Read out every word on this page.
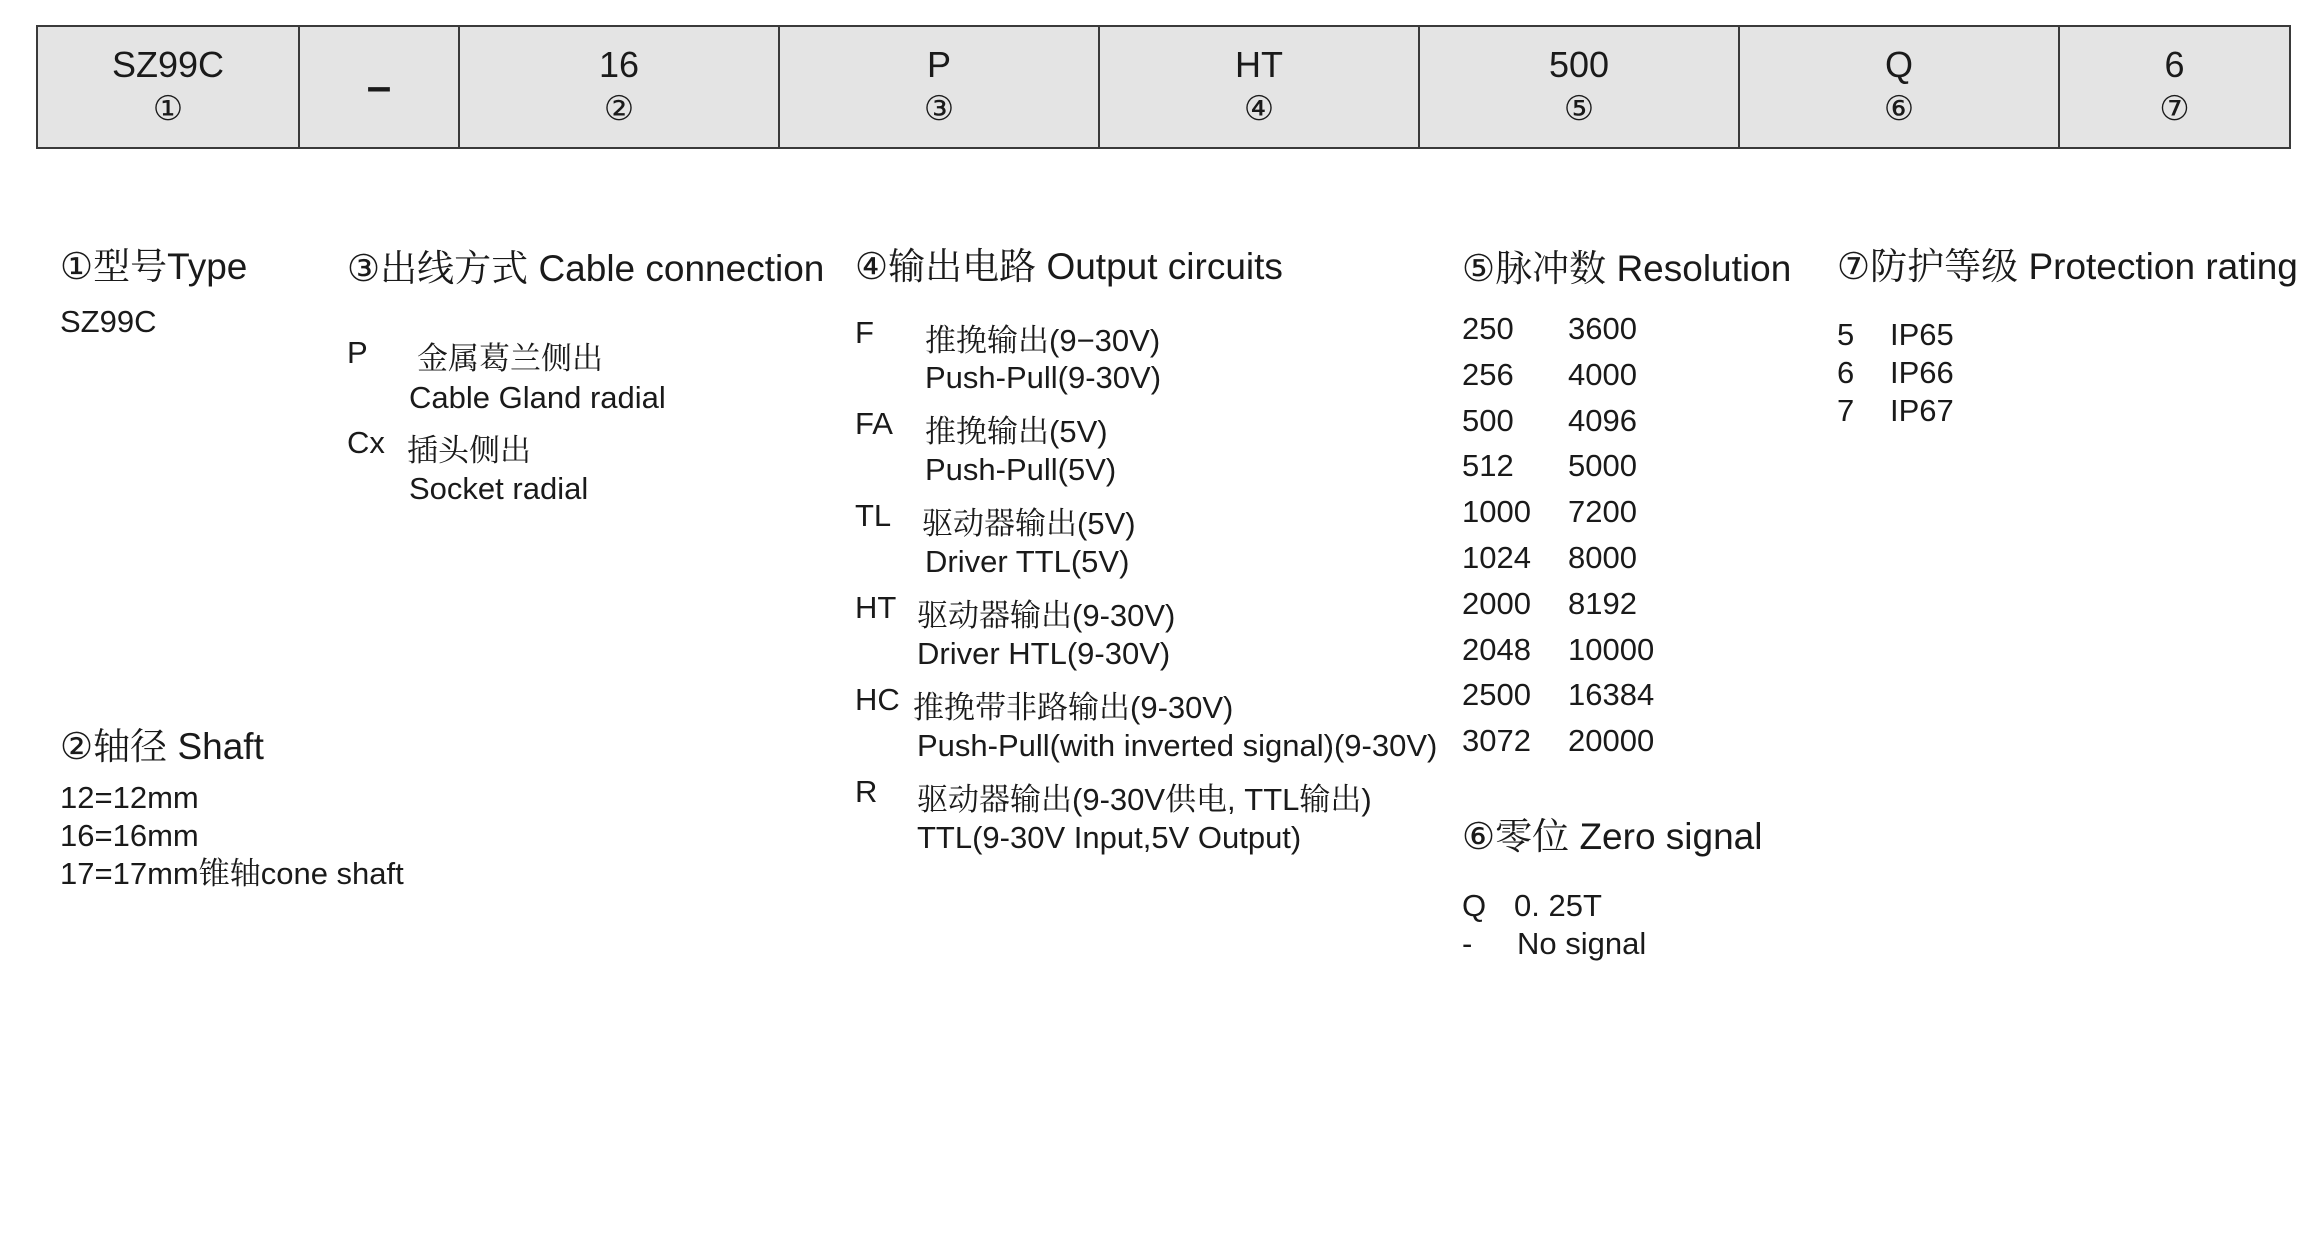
SZ99C
①	–	16
②
P
③
HT
④
500
⑤
Q
⑥
6
⑦
①型号Type
SZ99C
②轴径 Shaft
12=12mm
16=16mm
17=17mm锥轴cone shaft
③出线方式 Cable connection
P 金属葛兰侧出
Cable Gland radial
Cx 插头侧出
Socket radial
④输出电路 Output circuits
F 推挽输出(9−30V)
Push-Pull(9-30V)
FA 推挽输出(5V)
Push-Pull(5V)
TL 驱动器输出(5V)
Driver TTL(5V)
HT 驱动器输出(9-30V)
Driver HTL(9-30V)
HC 推挽带非路输出(9-30V)
Push-Pull(with inverted signal)(9-30V)
R 驱动器输出(9-30V供电, TTL输出)
TTL(9-30V Input,5V Output)
⑤脉冲数 Resolution
250 3600
256 4000
500 4096
512 5000
1000 7200
1024 8000
2000 8192
2048 10000
2500 16384
3072 20000
⑥零位 Zero signal
Q 0. 25T
- No signal
⑦防护等级 Protection rating
5 IP65
6 IP66
7 IP67
